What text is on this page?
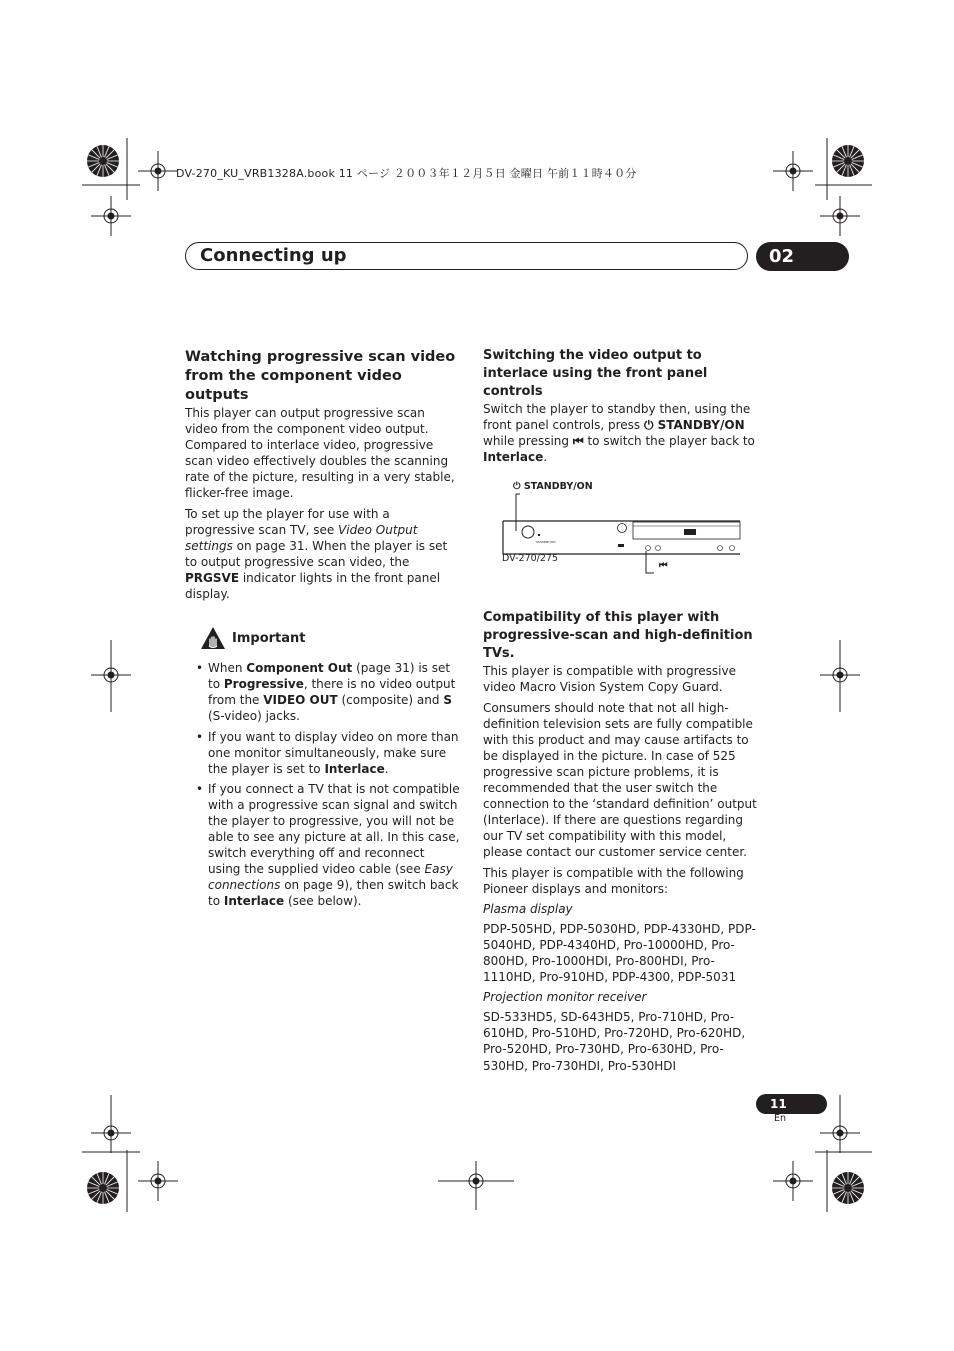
DV-270_KU_VRB1328A.book 11 ページ ２００３年１２月５日 金曜日 午前１１時４０分
Connecting up	02
Watching progressive scan video from the component video outputs

This player can output progressive scan video from the component video output. Compared to interlace video, progressive scan video effectively doubles the scanning rate of the picture, resulting in a very stable, flicker-free image.

To set up the player for use with a progressive scan TV, see Video Output settings on page 31. When the player is set to output progressive scan video, the PRGSVE indicator lights in the front panel display.

Important
• When Component Out (page 31) is set to Progressive, there is no video output from the VIDEO OUT (composite) and S (S-video) jacks.
• If you want to display video on more than one monitor simultaneously, make sure the player is set to Interlace.
• If you connect a TV that is not compatible with a progressive scan signal and switch the player to progressive, you will not be able to see any picture at all. In this case, switch everything off and reconnect using the supplied video cable (see Easy connections on page 9), then switch back to Interlace (see below).
Switching the video output to interlace using the front panel controls

Switch the player to standby then, using the front panel controls, press ⏻ STANDBY/ON while pressing ⏮ to switch the player back to Interlace.

⏻ STANDBY/ON
STANDBY/ON
DV-270/275
⏮
Compatibility of this player with progressive-scan and high-definition TVs.

This player is compatible with progressive video Macro Vision System Copy Guard.

Consumers should note that not all high-definition television sets are fully compatible with this product and may cause artifacts to be displayed in the picture. In case of 525 progressive scan picture problems, it is recommended that the user switch the connection to the ‘standard definition’ output (Interlace). If there are questions regarding our TV set compatibility with this model, please contact our customer service center.

This player is compatible with the following Pioneer displays and monitors:

Plasma display

PDP-505HD, PDP-5030HD, PDP-4330HD, PDP-5040HD, PDP-4340HD, Pro-10000HD, Pro-800HD, Pro-1000HDI, Pro-800HDI, Pro-1110HD, Pro-910HD, PDP-4300, PDP-5031

Projection monitor receiver

SD-533HD5, SD-643HD5, Pro-710HD, Pro-610HD, Pro-510HD, Pro-720HD, Pro-620HD, Pro-520HD, Pro-730HD, Pro-630HD, Pro-530HD, Pro-730HDI, Pro-530HDI

11
En
